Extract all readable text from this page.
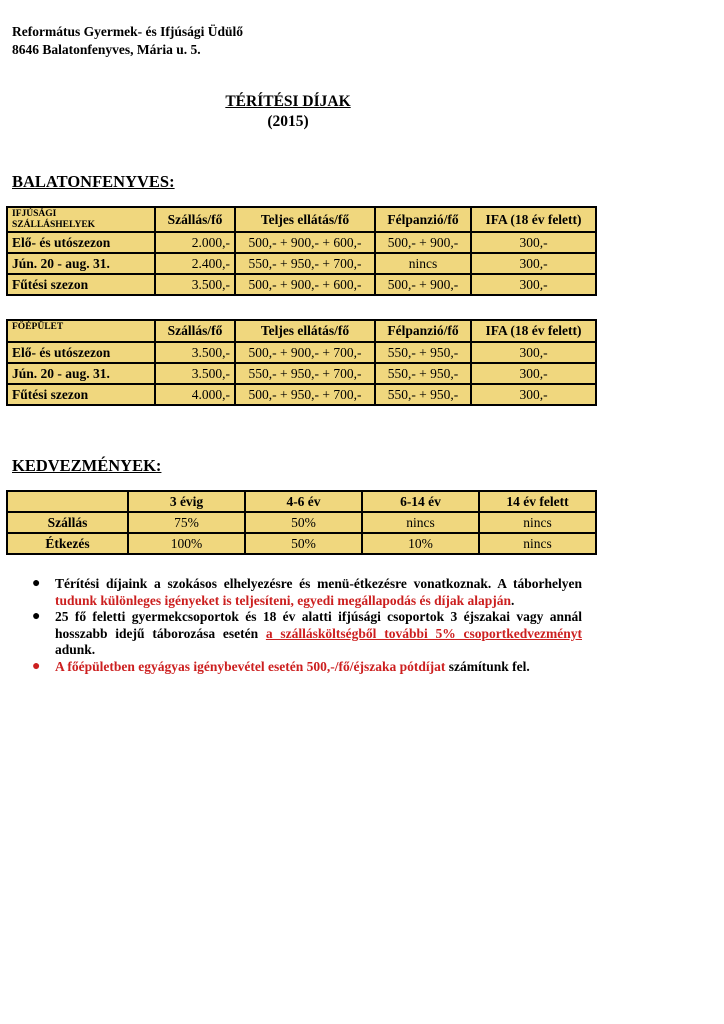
Református Gyermek- és Ifjúsági Üdülő
8646 Balatonfenyves, Mária u. 5.
TÉRÍTÉSI DÍJAK
(2015)
BALATONFENYVES:
IFJÚSÁGI
SZÁLLÁSHELYEK	Szállás/fő	Teljes ellátás/fő	Félpanzió/fő	IFA (18 év felett)
Elő- és utószezon	2.000,-	500,- + 900,- + 600,-	500,- + 900,-	300,-
Jún. 20 - aug. 31.	2.400,-	550,- + 950,- + 700,-	nincs	300,-
Fűtési szezon	3.500,-	500,- + 900,- + 600,-	500,- + 900,-	300,-
FŐÉPÜLET	Szállás/fő	Teljes ellátás/fő	Félpanzió/fő	IFA (18 év felett)
Elő- és utószezon	3.500,-	500,- + 900,- + 700,-	550,- + 950,-	300,-
Jún. 20 - aug. 31.	3.500,-	550,- + 950,- + 700,-	550,- + 950,-	300,-
Fűtési szezon	4.000,-	500,- + 950,- + 700,-	550,- + 950,-	300,-
KEDVEZMÉNYEK:
	3 évig	4-6 év	6-14 év	14 év felett
Szállás	75%	50%	nincs	nincs
Étkezés	100%	50%	10%	nincs
● Térítési díjaink a szokásos elhelyezésre és menü-étkezésre vonatkoznak. A táborhelyen tudunk különleges igényeket is teljesíteni, egyedi megállapodás és díjak alapján.
● 25 fő feletti gyermekcsoportok és 18 év alatti ifjúsági csoportok 3 éjszakai vagy annál hosszabb idejű táborozása esetén a szállásköltségből további 5% csoportkedvezményt adunk.
● A főépületben egyágyas igénybevétel esetén 500,-/fő/éjszaka pótdíjat számítunk fel.
